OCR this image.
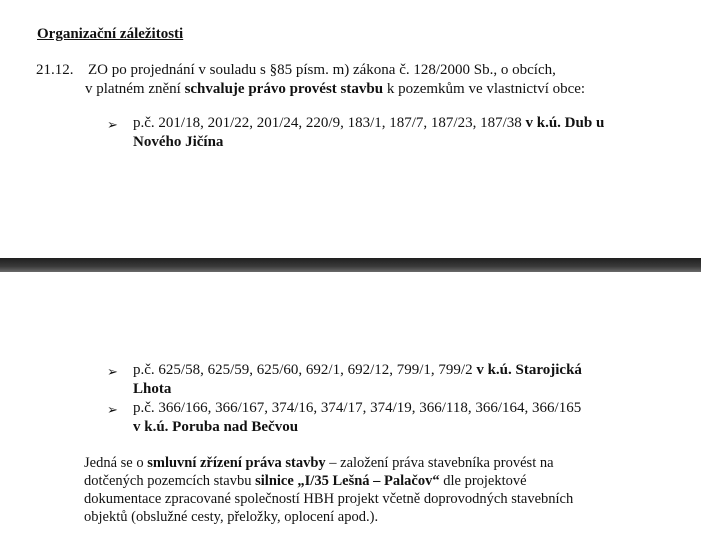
Organizační záležitosti
21.12. ZO po projednání v souladu s §85 písm. m) zákona č. 128/2000 Sb., o obcích,
v platném znění schvaluje právo provést stavbu k pozemkům ve vlastnictví obce:
➢ p.č. 201/18, 201/22, 201/24, 220/9, 183/1, 187/7, 187/23, 187/38 v k.ú. Dub u
Nového Jičína
➢ p.č. 625/58, 625/59, 625/60, 692/1, 692/12, 799/1, 799/2 v k.ú. Starojická
Lhota
➢ p.č. 366/166, 366/167, 374/16, 374/17, 374/19, 366/118, 366/164, 366/165
v k.ú. Poruba nad Bečvou
Jedná se o smluvní zřízení práva stavby – založení práva stavebníka provést na
dotčených pozemcích stavbu silnice „I/35 Lešná – Palačov“ dle projektové
dokumentace zpracované společností HBH projekt včetně doprovodných stavebních
objektů (obslužné cesty, přeložky, oplocení apod.).
